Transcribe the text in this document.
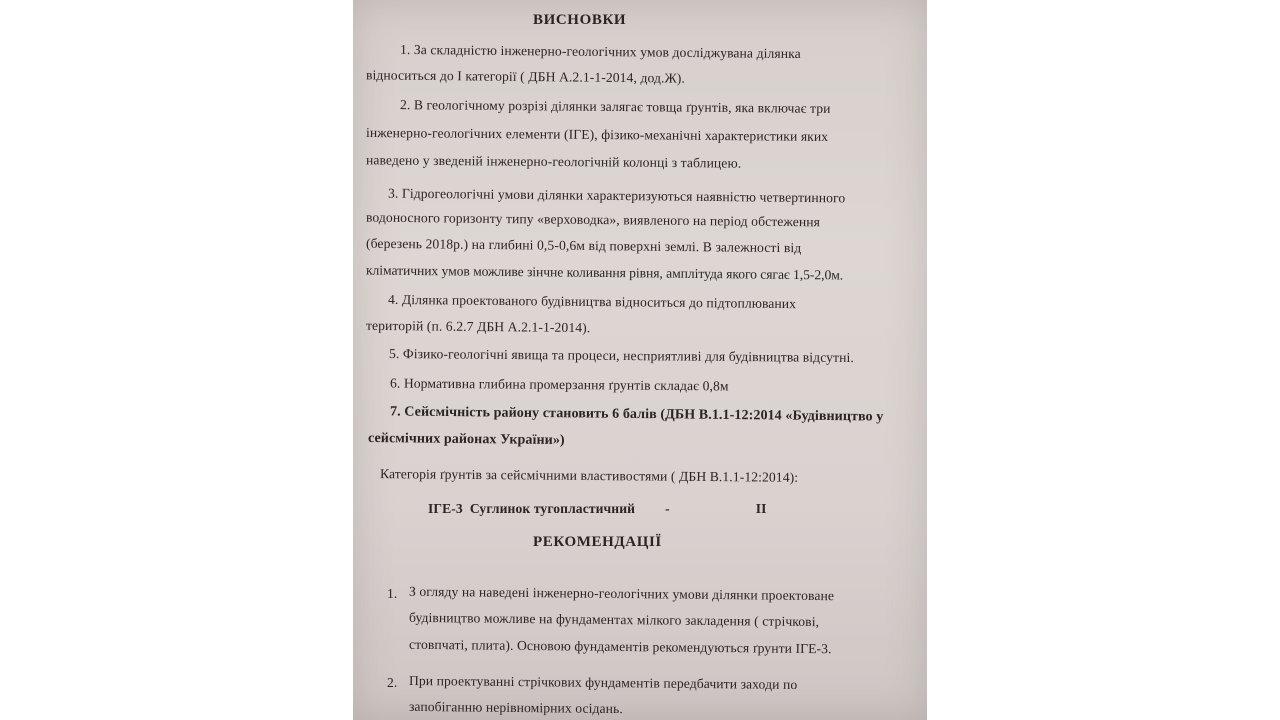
ВИСНОВКИ
1. За складністю інженерно-геологічних умов досліджувана ділянка
відноситься до І категорії ( ДБН А.2.1-1-2014, дод.Ж).
2. В геологічному розрізі ділянки залягає товща ґрунтів, яка включає три
інженерно-геологічних елементи (ІГЕ), фізико-механічні характеристики яких
наведено у зведеній інженерно-геологічній колонці з таблицею.
3. Гідрогеологічні умови ділянки характеризуються наявністю четвертинного
водоносного горизонту типу «верховодка», виявленого на період обстеження
(березень 2018р.) на глибині 0,5-0,6м від поверхні землі. В залежності від
кліматичних умов можливе зінчне коливання рівня, амплітуда якого сягає 1,5-2,0м.
4. Ділянка проектованого будівництва відноситься до підтоплюваних
територій (п. 6.2.7 ДБН А.2.1-1-2014).
5. Фізико-геологічні явища та процеси, несприятливі для будівництва відсутні.
6. Нормативна глибина промерзання ґрунтів складає 0,8м
7. Сейсмічність району становить 6 балів (ДБН В.1.1-12:2014 «Будівництво у
сейсмічних районах України»)
Категорія ґрунтів за сейсмічними властивостями ( ДБН В.1.1-12:2014):
ІГЕ-3 Суглинок тугопластичний -	ІІ
РЕКОМЕНДАЦІЇ
1. З огляду на наведені інженерно-геологічних умови ділянки проектоване
будівництво можливе на фундаментах мілкого закладення ( стрічкові,
стовпчаті, плита). Основою фундаментів рекомендуються ґрунти ІГЕ-3.
2. При проектуванні стрічкових фундаментів передбачити заходи по
запобіганню нерівномірних осідань.
